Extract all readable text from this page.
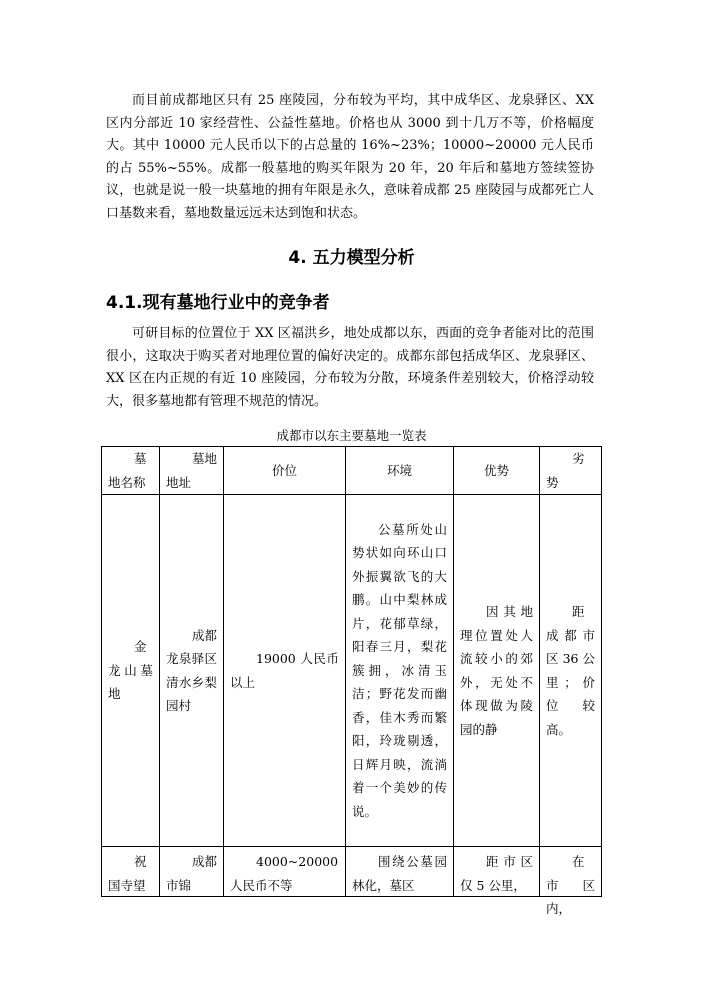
而目前成都地区只有 25 座陵园，分布较为平均，其中成华区、龙泉驿区、XX 区内分部近 10 家经营性、公益性墓地。价格也从 3000 到十几万不等，价格幅度大。其中 10000 元人民币以下的占总量的 16%~23%；10000~20000 元人民币的占 55%~55%。成都一般墓地的购买年限为 20 年，20 年后和墓地方签续签协议，也就是说一般一块墓地的拥有年限是永久，意味着成都 25 座陵园与成都死亡人口基数来看，墓地数量远远未达到饱和状态。

4. 五力模型分析
4.1.现有墓地行业中的竞争者

可研目标的位置位于 XX 区福洪乡，地处成都以东，西面的竞争者能对比的范围很小，这取决于购买者对地理位置的偏好决定的。成都东部包括成华区、龙泉驿区、XX 区在内正规的有近 10 座陵园，分布较为分散，环境条件差别较大，价格浮动较大，很多墓地都有管理不规范的情况。

成都市以东主要墓地一览表
墓地名称	墓地地址	价位	环境	优势	劣势
金龙山墓地	成都龙泉驿区清水乡梨园村	19000 人民币以上	公墓所处山势状如向环山口外振翼欲飞的大鹏。山中梨林成片，花郁草绿，阳春三月，梨花簇拥，冰清玉洁；野花发而幽香，佳木秀而繁阳，玲珑剔透，日辉月映，流淌着一个美妙的传说。	因其地理位置处人流较小的郊外，无处不体现做为陵园的静	距成都市区 36 公里；价位较高。

祝国寺望	成都市锦	4000~20000 人民币不等	围绕公墓园林化，墓区	距市区仅 5 公里，	在市区内，
